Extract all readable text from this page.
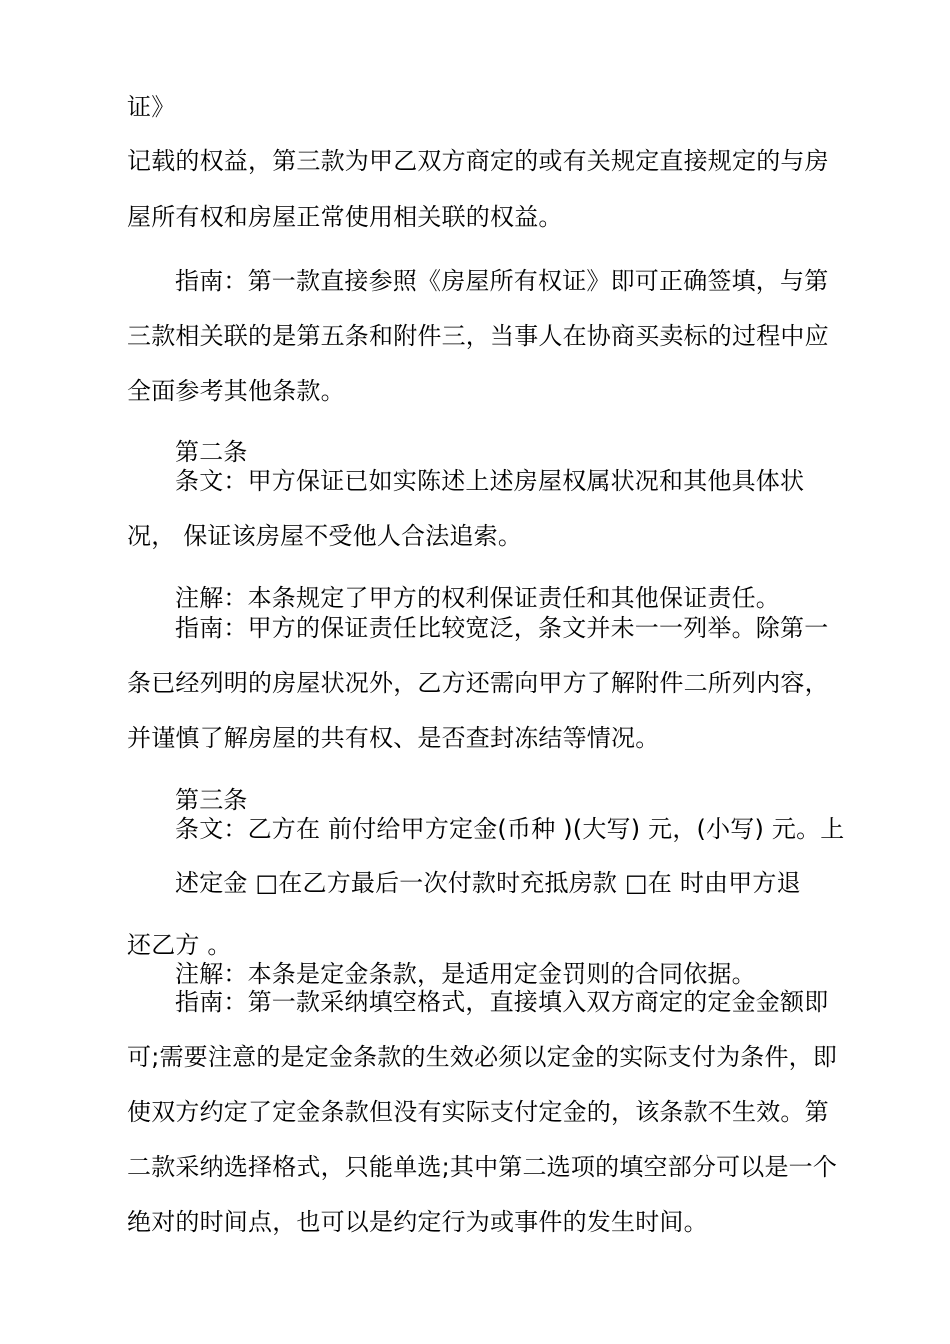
证》
记载的权益，第三款为甲乙双方商定的或有关规定直接规定的与房
屋所有权和房屋正常使用相关联的权益。
指南：第一款直接参照《房屋所有权证》即可正确签填，与第
三款相关联的是第五条和附件三，当事人在协商买卖标的过程中应
全面参考其他条款。
第二条
条文：甲方保证已如实陈述上述房屋权属状况和其他具体状
况， 保证该房屋不受他人合法追索。
注解：本条规定了甲方的权利保证责任和其他保证责任。
指南：甲方的保证责任比较宽泛，条文并未一一列举。除第一
条已经列明的房屋状况外，乙方还需向甲方了解附件二所列内容，
并谨慎了解房屋的共有权、是否查封冻结等情况。
第三条
条文：乙方在 前付给甲方定金(币种 )(大写) 元，(小写) 元。上
述定金 □在乙方最后一次付款时充抵房款 □在 时由甲方退
还乙方 。
注解：本条是定金条款，是适用定金罚则的合同依据。
指南：第一款采纳填空格式，直接填入双方商定的定金金额即
可;需要注意的是定金条款的生效必须以定金的实际支付为条件，即
使双方约定了定金条款但没有实际支付定金的，该条款不生效。第
二款采纳选择格式，只能单选;其中第二选项的填空部分可以是一个
绝对的时间点，也可以是约定行为或事件的发生时间。
